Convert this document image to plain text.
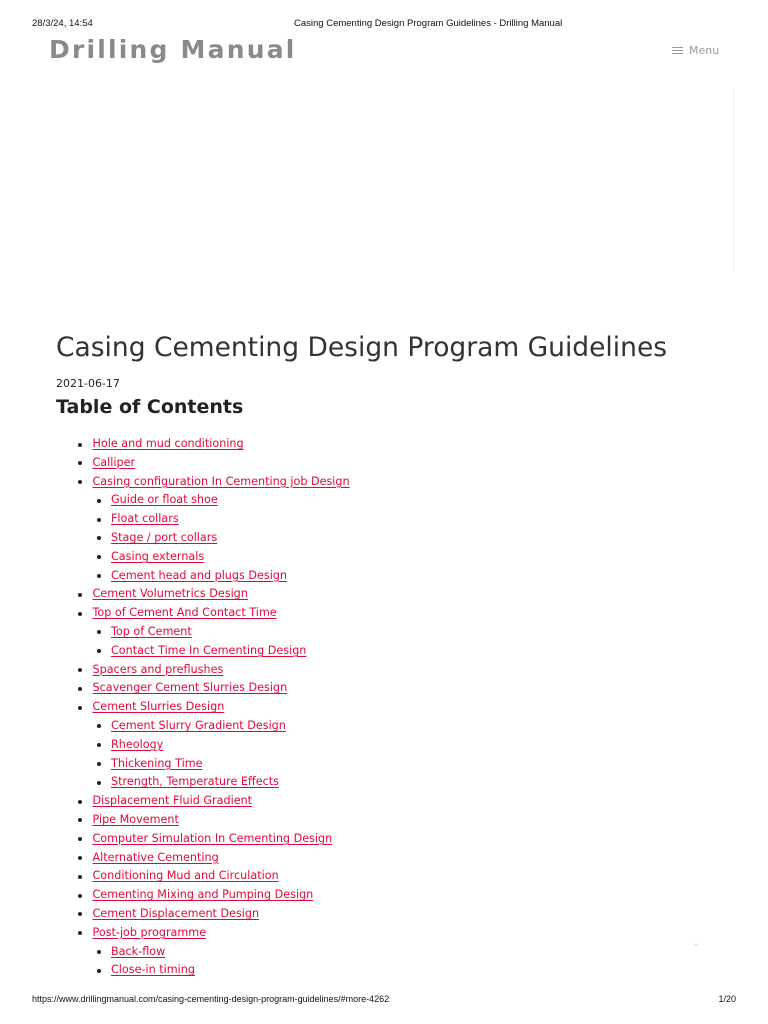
28/3/24, 14:54	Casing Cementing Design Program Guidelines - Drilling Manual
Drilling Manual	Menu
Casing Cementing Design Program Guidelines
2021-06-17
Table of Contents
Hole and mud conditioning
Calliper
Casing configuration In Cementing job Design
Guide or float shoe
Float collars
Stage / port collars
Casing externals
Cement head and plugs Design
Cement Volumetrics Design
Top of Cement And Contact Time
Top of Cement
Contact Time In Cementing Design
Spacers and preflushes
Scavenger Cement Slurries Design
Cement Slurries Design
Cement Slurry Gradient Design
Rheology
Thickening Time
Strength, Temperature Effects
Displacement Fluid Gradient
Pipe Movement
Computer Simulation In Cementing Design
Alternative Cementing
Conditioning Mud and Circulation
Cementing Mixing and Pumping Design
Cement Displacement Design
Post-job programme
Back-flow
Close-in timing
ˆ
https://www.drillingmanual.com/casing-cementing-design-program-guidelines/#more-4262	1/20
